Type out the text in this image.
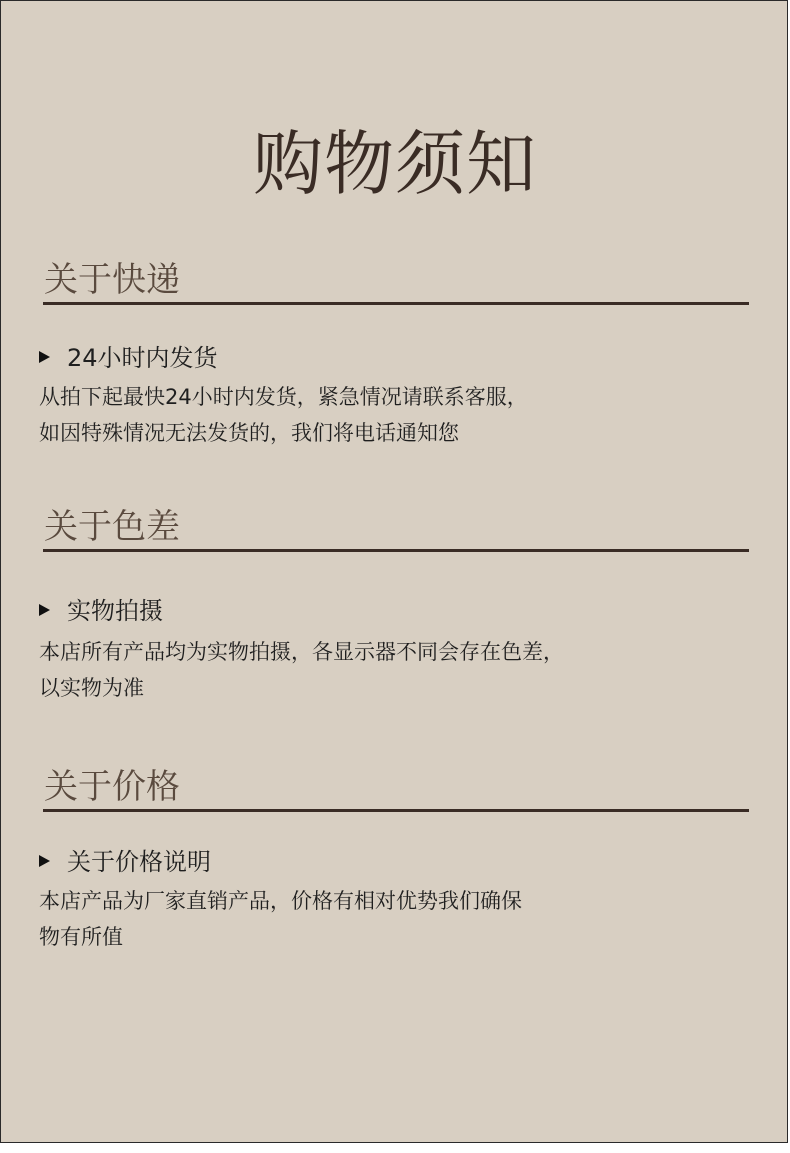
购物须知
关于快递
24小时内发货
从拍下起最快24小时内发货，紧急情况请联系客服，
如因特殊情况无法发货的，我们将电话通知您
关于色差
实物拍摄
本店所有产品均为实物拍摄，各显示器不同会存在色差，
以实物为准
关于价格
关于价格说明
本店产品为厂家直销产品，价格有相对优势我们确保
物有所值
